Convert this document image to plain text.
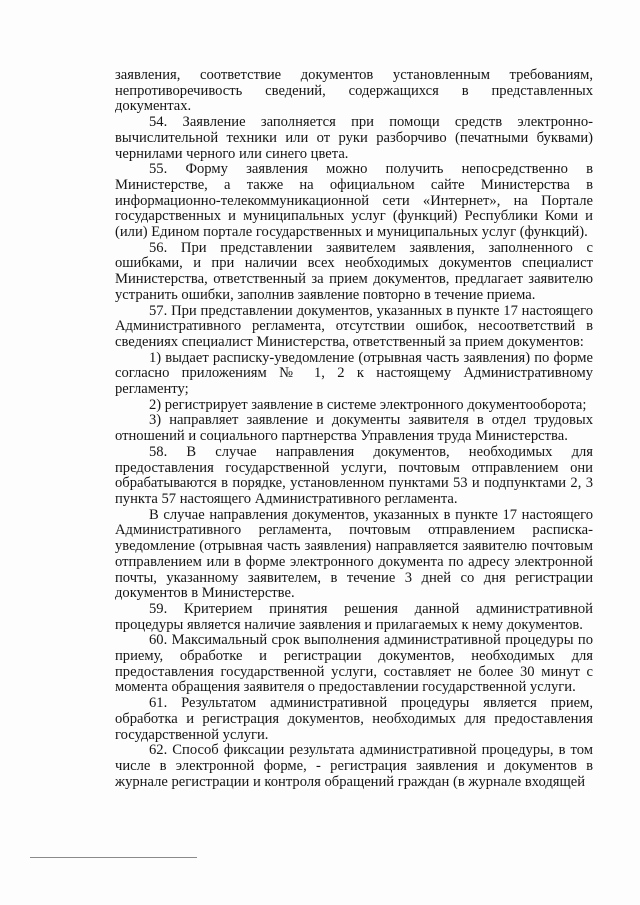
заявления, соответствие документов установленным требованиям, непротиворечивость сведений, содержащихся в представленных документах.

54. Заявление заполняется при помощи средств электронно-вычислительной техники или от руки разборчиво (печатными буквами) чернилами черного или синего цвета.

55. Форму заявления можно получить непосредственно в Министерстве, а также на официальном сайте Министерства в информационно-телекоммуникационной сети «Интернет», на Портале государственных и муниципальных услуг (функций) Республики Коми и (или) Едином портале государственных и муниципальных услуг (функций).

56. При представлении заявителем заявления, заполненного с ошибками, и при наличии всех необходимых документов специалист Министерства, ответственный за прием документов, предлагает заявителю устранить ошибки, заполнив заявление повторно в течение приема.

57. При представлении документов, указанных в пункте 17 настоящего Административного регламента, отсутствии ошибок, несоответствий в сведениях специалист Министерства, ответственный за прием документов:

1) выдает расписку-уведомление (отрывная часть заявления) по форме согласно приложениям № 1, 2 к настоящему Административному регламенту;

2) регистрирует заявление в системе электронного документооборота;

3) направляет заявление и документы заявителя в отдел трудовых отношений и социального партнерства Управления труда Министерства.

58. В случае направления документов, необходимых для предоставления государственной услуги, почтовым отправлением они обрабатываются в порядке, установленном пунктами 53 и подпунктами 2, 3 пункта 57 настоящего Административного регламента.

В случае направления документов, указанных в пункте 17 настоящего Административного регламента, почтовым отправлением расписка-уведомление (отрывная часть заявления) направляется заявителю почтовым отправлением или в форме электронного документа по адресу электронной почты, указанному заявителем, в течение 3 дней со дня регистрации документов в Министерстве.

59. Критерием принятия решения данной административной процедуры является наличие заявления и прилагаемых к нему документов.

60. Максимальный срок выполнения административной процедуры по приему, обработке и регистрации документов, необходимых для предоставления государственной услуги, составляет не более 30 минут с момента обращения заявителя о предоставлении государственной услуги.

61. Результатом административной процедуры является прием, обработка и регистрация документов, необходимых для предоставления государственной услуги.

62. Способ фиксации результата административной процедуры, в том числе в электронной форме, - регистрация заявления и документов в журнале регистрации и контроля обращений граждан (в журнале входящей
